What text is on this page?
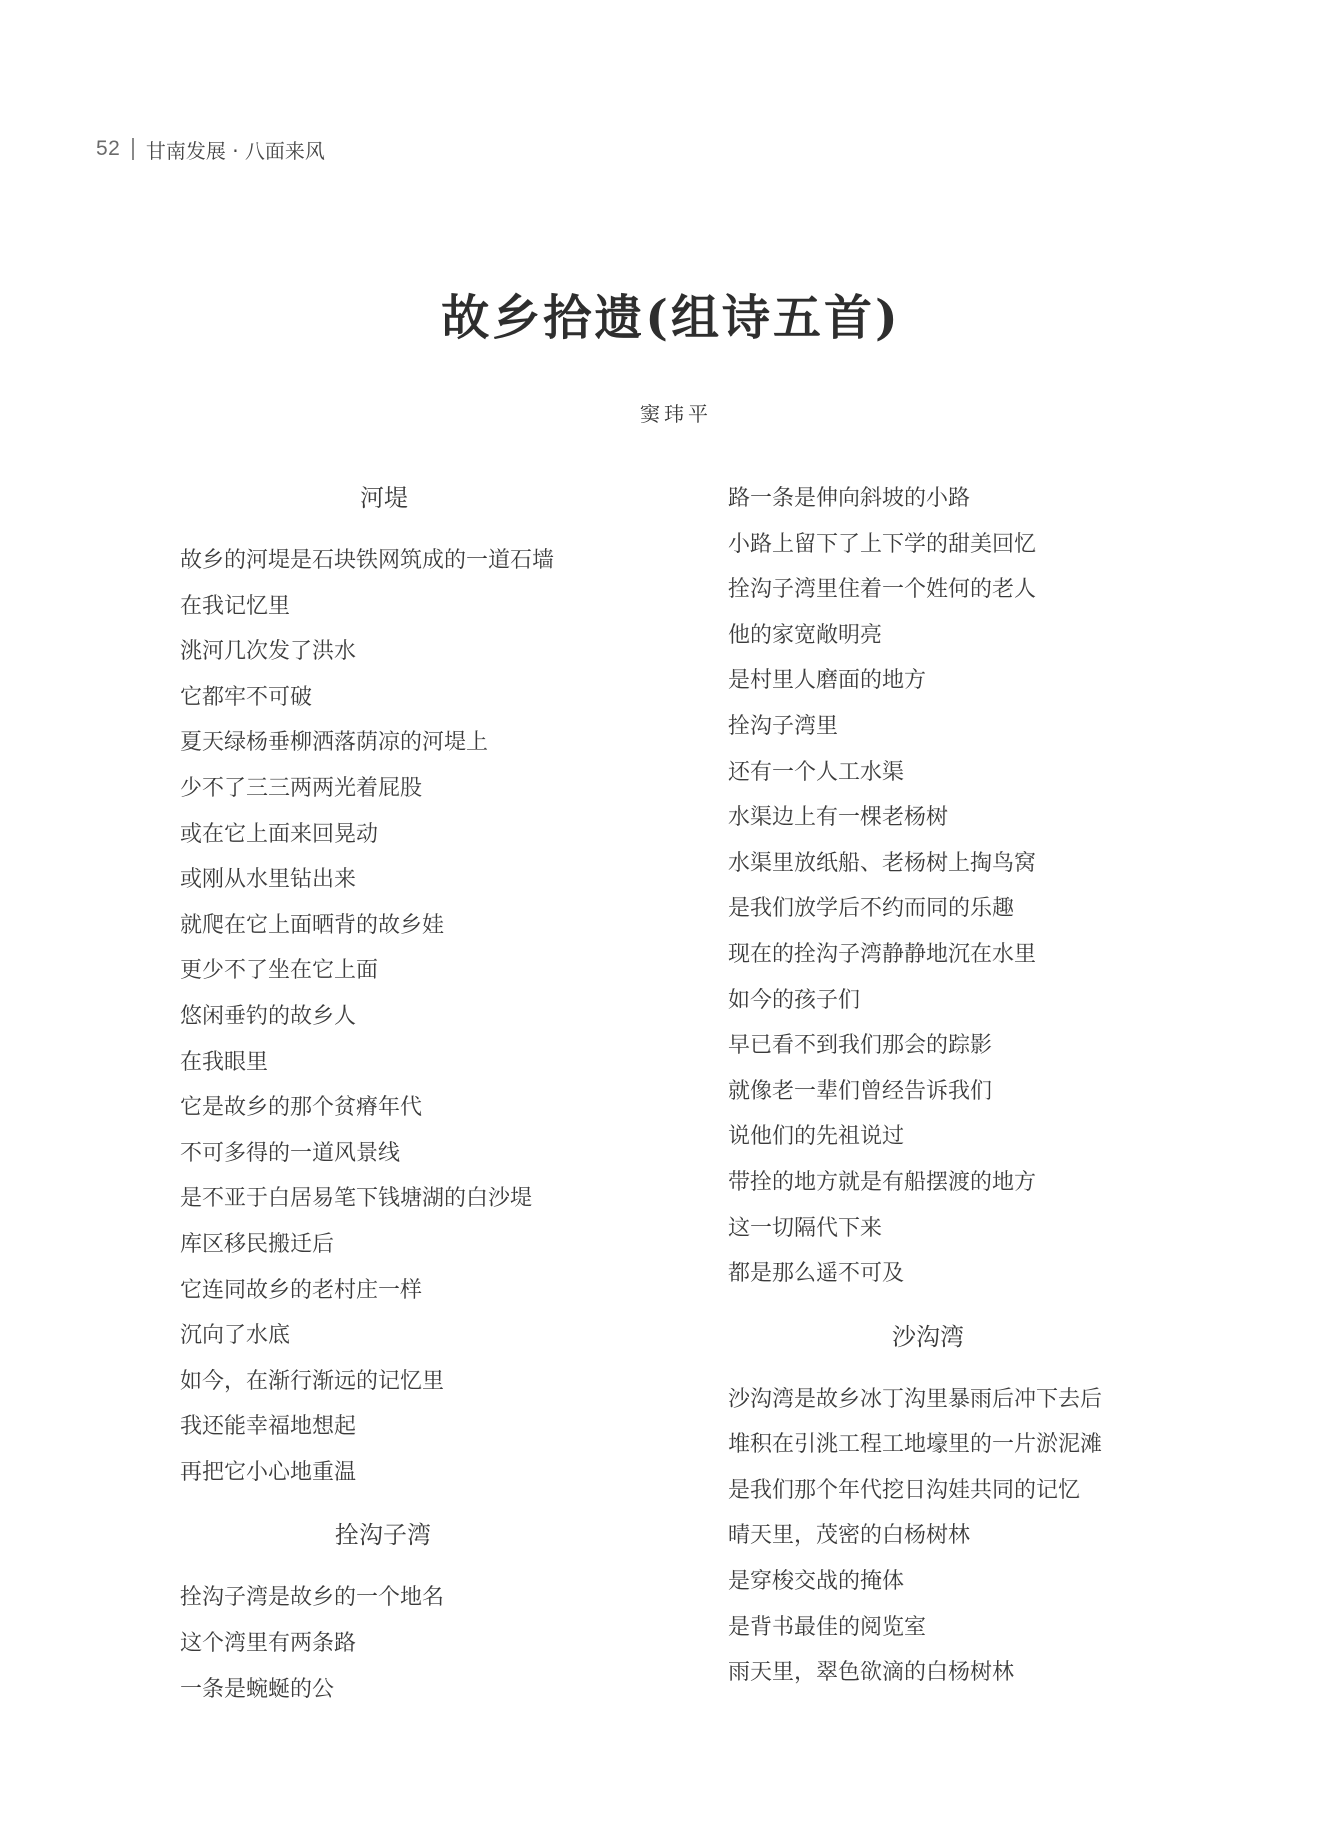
52 甘南发展 · 八面来风
故乡拾遗(组诗五首)
窦玮平
河堤
故乡的河堤是石块铁网筑成的一道石墙
在我记忆里
洮河几次发了洪水
它都牢不可破
夏天绿杨垂柳洒落荫凉的河堤上
少不了三三两两光着屁股
或在它上面来回晃动
或刚从水里钻出来
就爬在它上面晒背的故乡娃
更少不了坐在它上面
悠闲垂钓的故乡人
在我眼里
它是故乡的那个贫瘠年代
不可多得的一道风景线
是不亚于白居易笔下钱塘湖的白沙堤
库区移民搬迁后
它连同故乡的老村庄一样
沉向了水底
如今，在渐行渐远的记忆里
我还能幸福地想起
再把它小心地重温
拴沟子湾
拴沟子湾是故乡的一个地名
这个湾里有两条路
一条是蜿蜒的公
路一条是伸向斜坡的小路
小路上留下了上下学的甜美回忆
拴沟子湾里住着一个姓何的老人
他的家宽敞明亮
是村里人磨面的地方
拴沟子湾里
还有一个人工水渠
水渠边上有一棵老杨树
水渠里放纸船、老杨树上掏鸟窝
是我们放学后不约而同的乐趣
现在的拴沟子湾静静地沉在水里
如今的孩子们
早已看不到我们那会的踪影
就像老一辈们曾经告诉我们
说他们的先祖说过
带拴的地方就是有船摆渡的地方
这一切隔代下来
都是那么遥不可及
沙沟湾
沙沟湾是故乡冰丁沟里暴雨后冲下去后
堆积在引洮工程工地壕里的一片淤泥滩
是我们那个年代挖日沟娃共同的记忆
晴天里，茂密的白杨树林
是穿梭交战的掩体
是背书最佳的阅览室
雨天里，翠色欲滴的白杨树林
